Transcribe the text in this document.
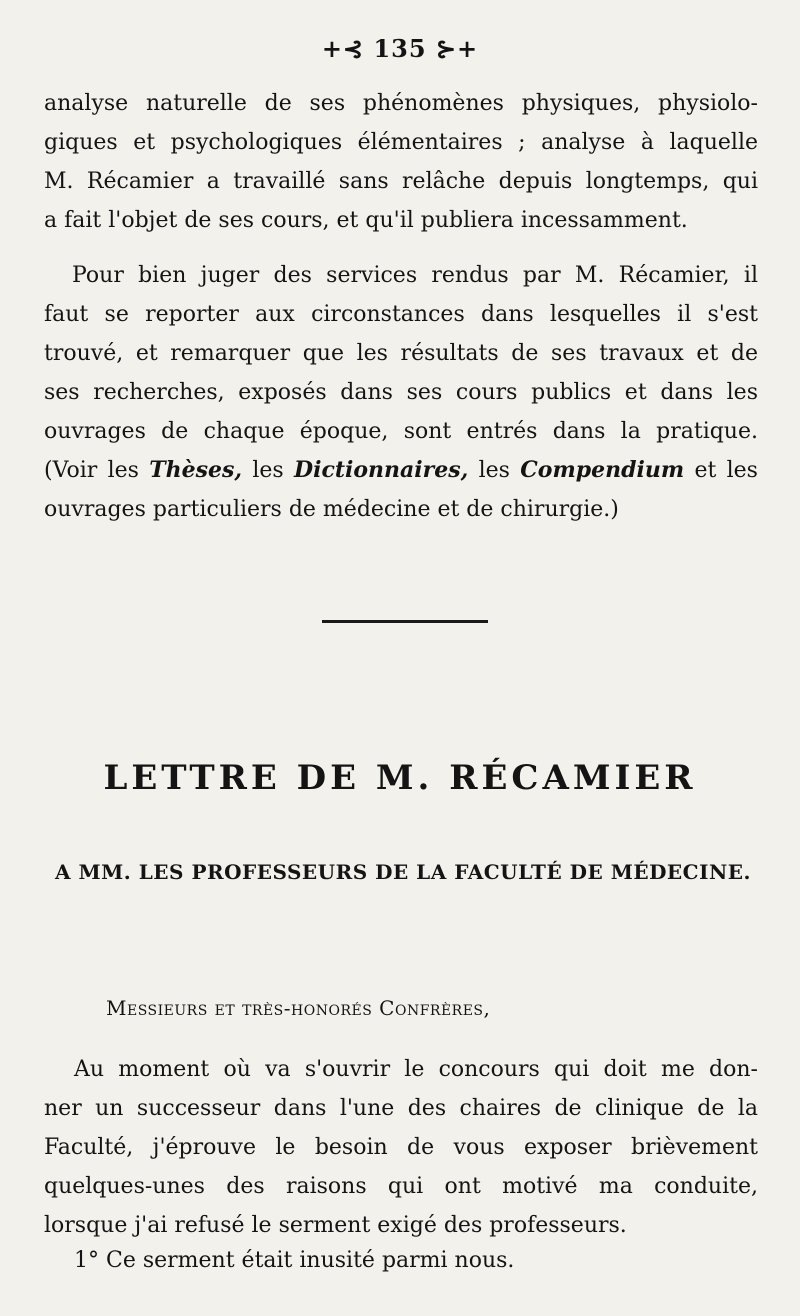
+⊰ 135 ⊱+
analyse naturelle de ses phénomènes physiques, physiolo-
giques et psychologiques élémentaires ; analyse à laquelle
M. Récamier a travaillé sans relâche depuis longtemps, qui
a fait l'objet de ses cours, et qu'il publiera incessamment.
Pour bien juger des services rendus par M. Récamier, il
faut se reporter aux circonstances dans lesquelles il s'est
trouvé, et remarquer que les résultats de ses travaux et de
ses recherches, exposés dans ses cours publics et dans les
ouvrages de chaque époque, sont entrés dans la pratique.
(Voir les Thèses, les Dictionnaires, les Compendium et les
ouvrages particuliers de médecine et de chirurgie.)
LETTRE DE M. RÉCAMIER
A MM. LES PROFESSEURS DE LA FACULTÉ DE MÉDECINE.
Messieurs et très-honorés Confrères,
Au moment où va s'ouvrir le concours qui doit me don-
ner un successeur dans l'une des chaires de clinique de la
Faculté, j'éprouve le besoin de vous exposer brièvement
quelques-unes des raisons qui ont motivé ma conduite,
lorsque j'ai refusé le serment exigé des professeurs.
1° Ce serment était inusité parmi nous.
